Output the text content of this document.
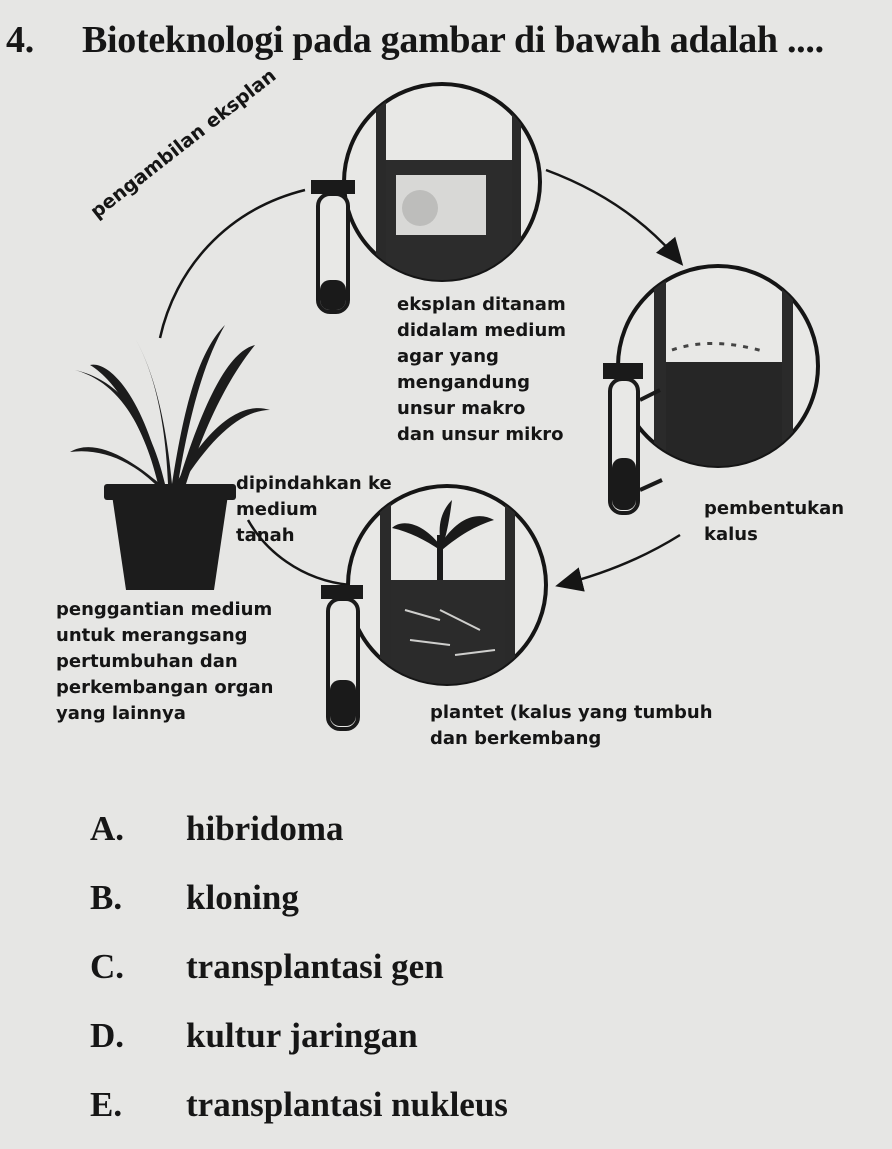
4. Bioteknologi pada gambar di bawah adalah ....

pengambilan eksplan

eksplan ditanam
didalam medium
agar yang
mengandung
unsur makro
dan unsur mikro

pembentukan
kalus

dipindahkan ke
medium
tanah

penggantian medium
untuk merangsang
pertumbuhan dan
perkembangan organ
yang lainnya	plantet (kalus yang tumbuh
dan berkembang

A. hibridoma
B. kloning
C. transplantasi gen
D. kultur jaringan
E. transplantasi nukleus
